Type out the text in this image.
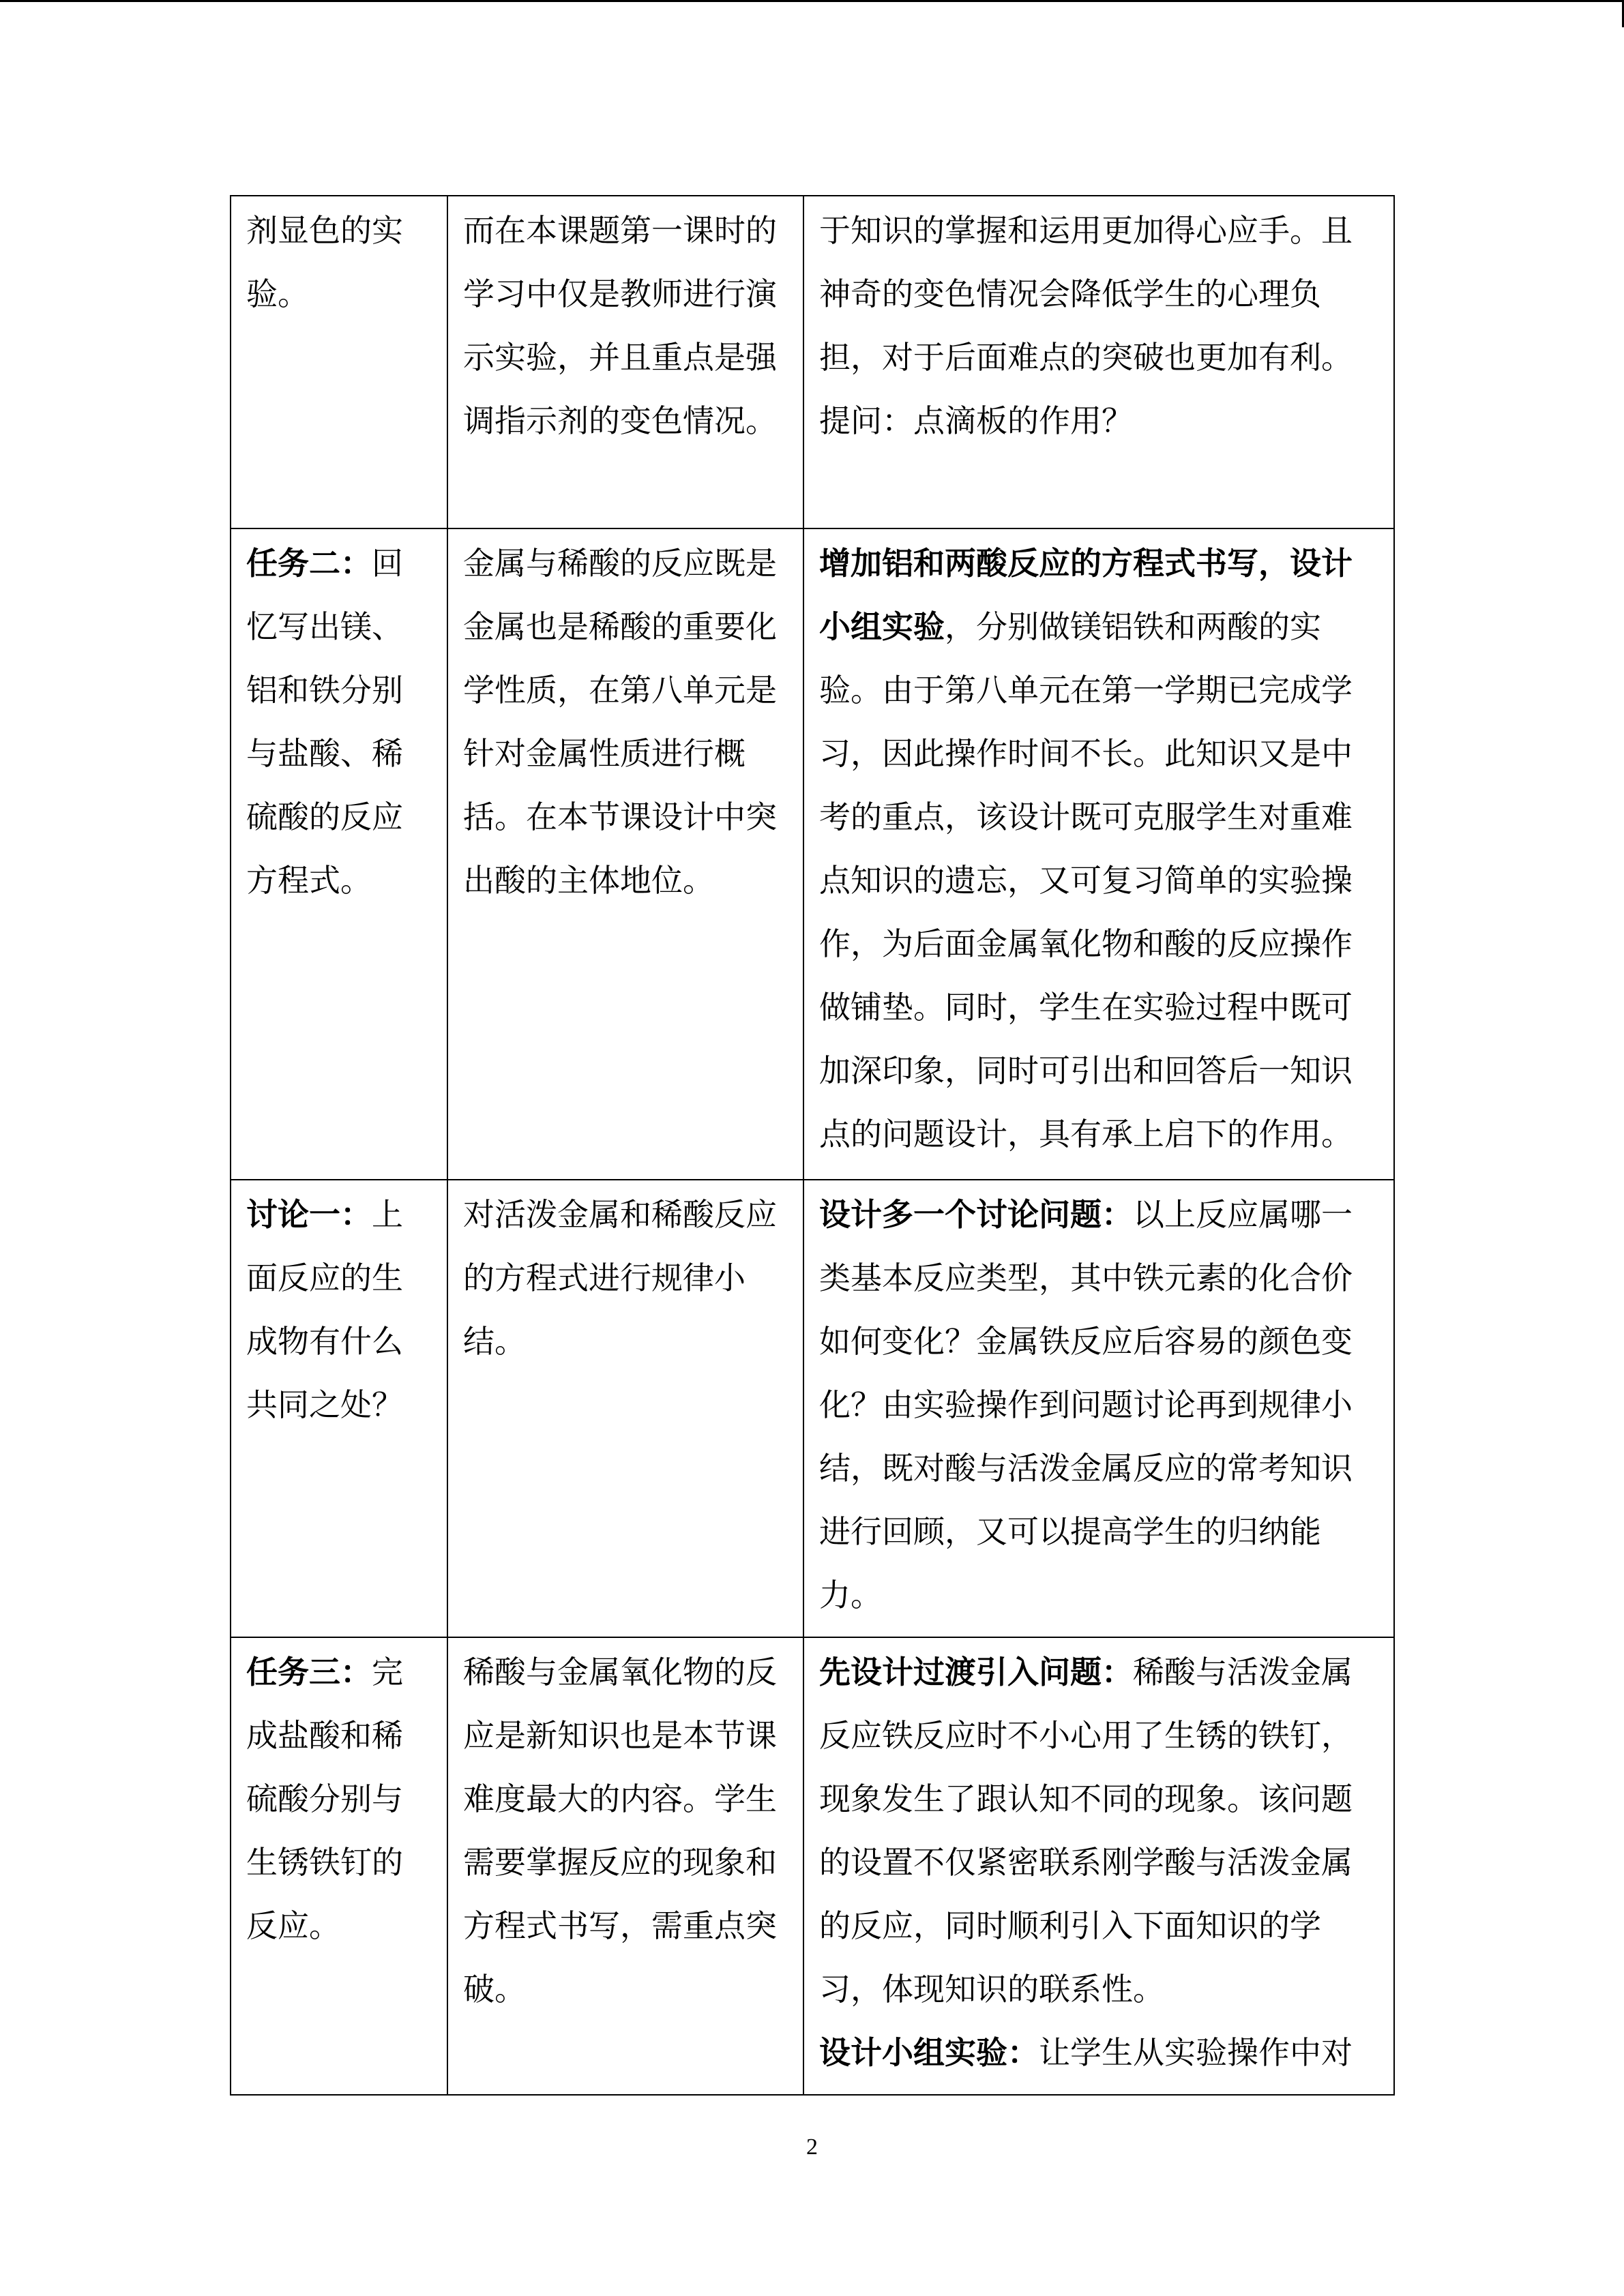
剂显色的实验。	而在本课题第一课时的学习中仅是教师进行演示实验，并且重点是强调指示剂的变色情况。	于知识的掌握和运用更加得心应手。且神奇的变色情况会降低学生的心理负担，对于后面难点的突破也更加有利。提问：点滴板的作用？

任务二：回忆写出镁、铝和铁分别与盐酸、稀硫酸的反应方程式。	金属与稀酸的反应既是金属也是稀酸的重要化学性质，在第八单元是针对金属性质进行概括。在本节课设计中突出酸的主体地位。	增加铝和两酸反应的方程式书写，设计小组实验，分别做镁铝铁和两酸的实验。由于第八单元在第一学期已完成学习，因此操作时间不长。此知识又是中考的重点，该设计既可克服学生对重难点知识的遗忘，又可复习简单的实验操作，为后面金属氧化物和酸的反应操作做铺垫。同时，学生在实验过程中既可加深印象，同时可引出和回答后一知识点的问题设计，具有承上启下的作用。

讨论一：上面反应的生成物有什么共同之处？	对活泼金属和稀酸反应的方程式进行规律小结。	设计多一个讨论问题：以上反应属哪一类基本反应类型，其中铁元素的化合价如何变化？金属铁反应后容易的颜色变化？由实验操作到问题讨论再到规律小结，既对酸与活泼金属反应的常考知识进行回顾，又可以提高学生的归纳能力。

任务三：完成盐酸和稀硫酸分别与生锈铁钉的反应。	稀酸与金属氧化物的反应是新知识也是本节课难度最大的内容。学生需要掌握反应的现象和方程式书写，需重点突破。	先设计过渡引入问题：稀酸与活泼金属反应铁反应时不小心用了生锈的铁钉，现象发生了跟认知不同的现象。该问题的设置不仅紧密联系刚学酸与活泼金属的反应，同时顺利引入下面知识的学习，体现知识的联系性。
设计小组实验：让学生从实验操作中对
2
